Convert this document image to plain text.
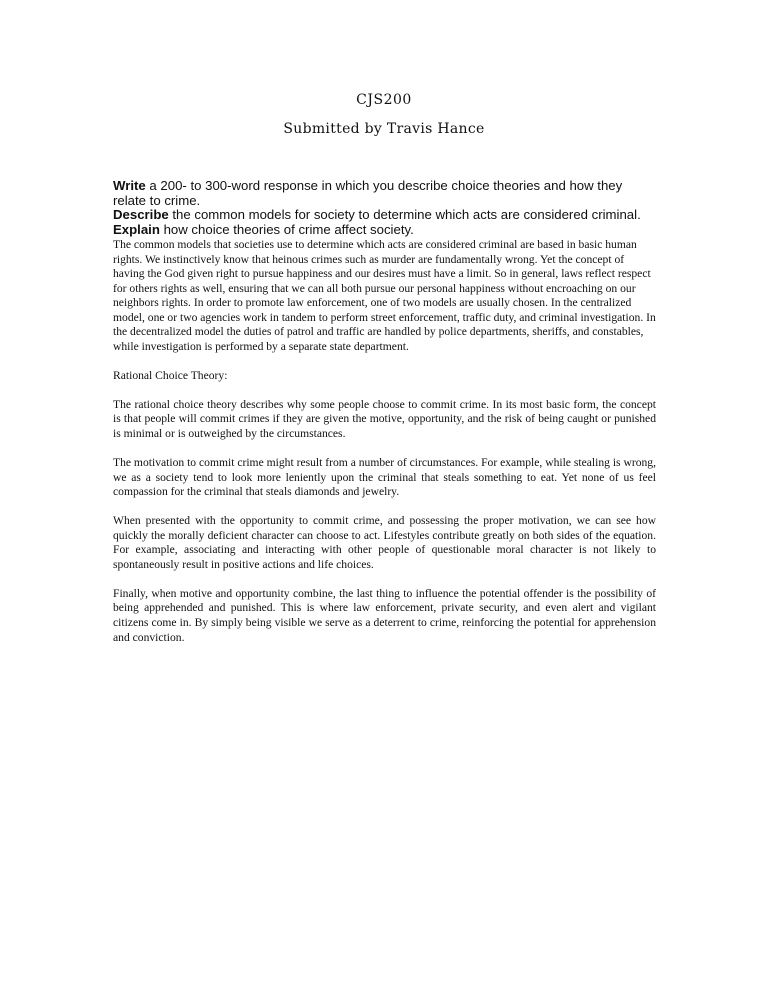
CJS200
Submitted by Travis Hance

Write a 200- to 300-word response in which you describe choice theories and how they relate to crime.

Describe the common models for society to determine which acts are considered criminal.

Explain how choice theories of crime affect society.

The common models that societies use to determine which acts are considered criminal are based in basic human rights. We instinctively know that heinous crimes such as murder are fundamentally wrong. Yet the concept of having the God given right to pursue happiness and our desires must have a limit. So in general, laws reflect respect for others rights as well, ensuring that we can all both pursue our personal happiness without encroaching on our neighbors rights. In order to promote law enforcement, one of two models are usually chosen. In the centralized model, one or two agencies work in tandem to perform street enforcement, traffic duty, and criminal investigation. In the decentralized model the duties of patrol and traffic are handled by police departments, sheriffs, and constables, while investigation is performed by a separate state department.

Rational Choice Theory:

The rational choice theory describes why some people choose to commit crime. In its most basic form, the concept is that people will commit crimes if they are given the motive, opportunity, and the risk of being caught or punished is minimal or is outweighed by the circumstances.

The motivation to commit crime might result from a number of circumstances. For example, while stealing is wrong, we as a society tend to look more leniently upon the criminal that steals something to eat. Yet none of us feel compassion for the criminal that steals diamonds and jewelry.

When presented with the opportunity to commit crime, and possessing the proper motivation, we can see how quickly the morally deficient character can choose to act. Lifestyles contribute greatly on both sides of the equation. For example, associating and interacting with other people of questionable moral character is not likely to spontaneously result in positive actions and life choices.

Finally, when motive and opportunity combine, the last thing to influence the potential offender is the possibility of being apprehended and punished. This is where law enforcement, private security, and even alert and vigilant citizens come in. By simply being visible we serve as a deterrent to crime, reinforcing the potential for apprehension and conviction.
